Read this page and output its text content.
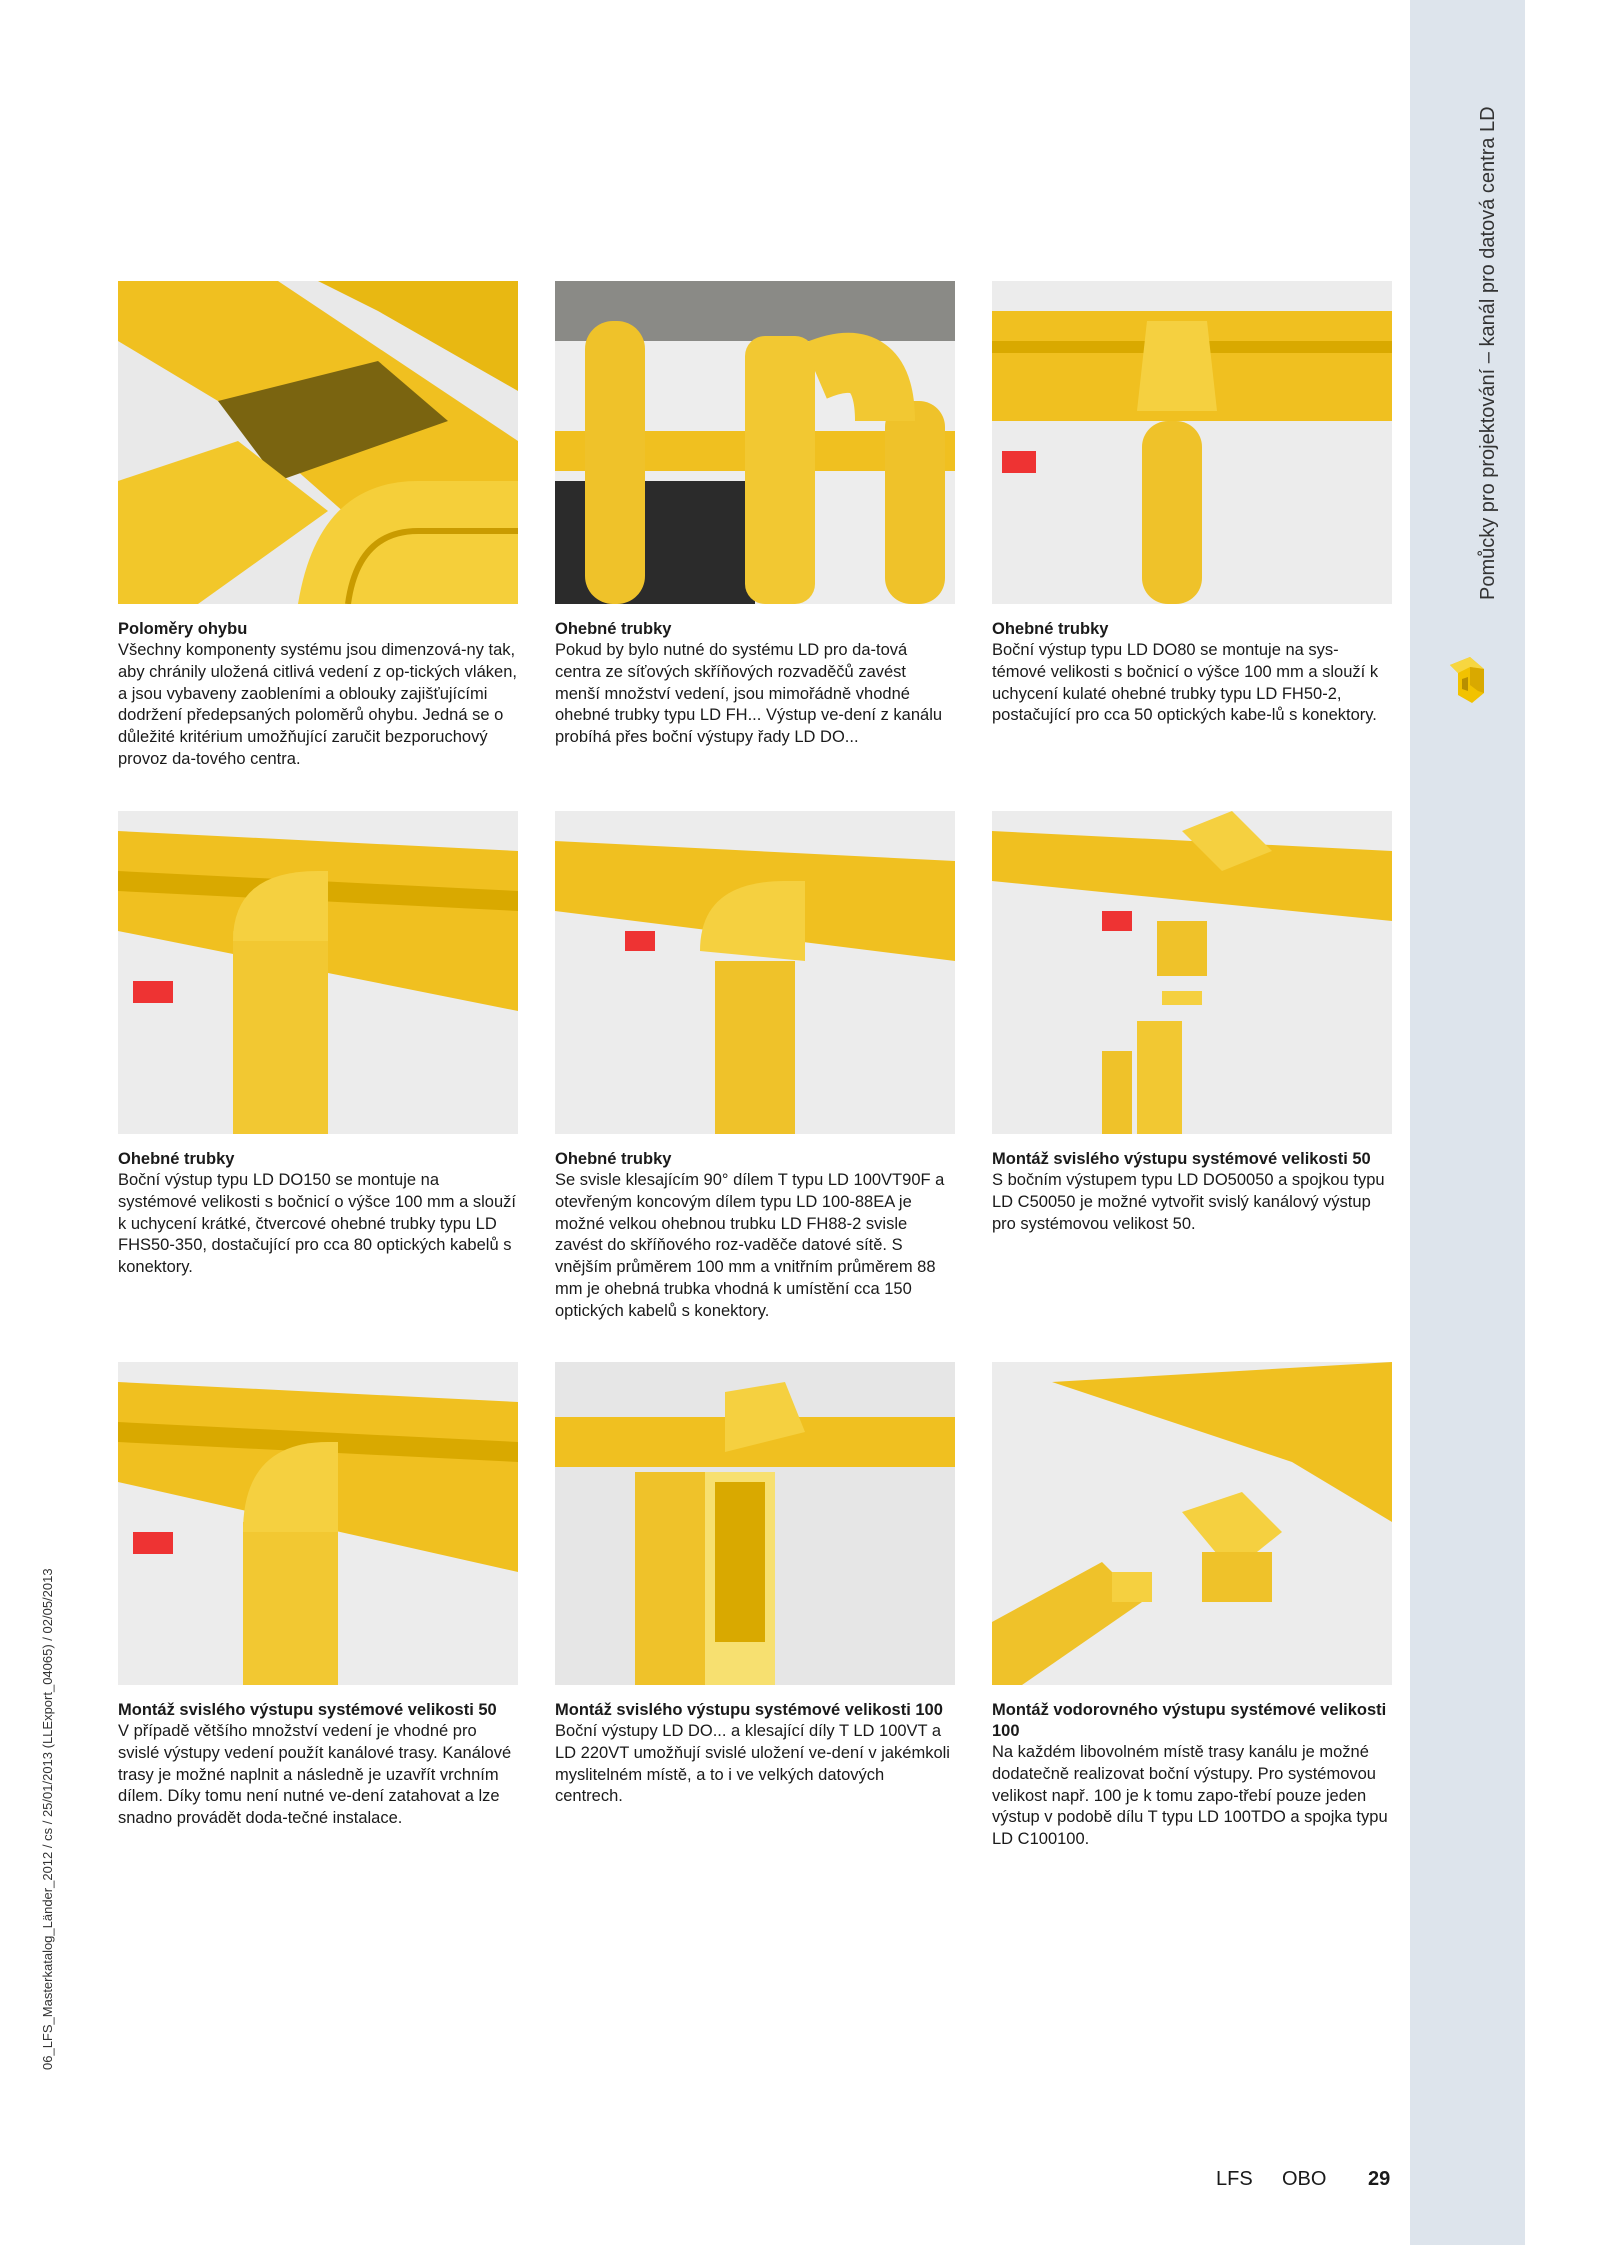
Pomůcky pro projektování – kanál pro datová centra LD
06_LFS_Masterkatalog_Länder_2012 / cs / 25/01/2013 (LLExport_04065) / 02/05/2013
Poloměry ohybu

Všechny komponenty systému jsou dimenzová-ny tak, aby chránily uložená citlivá vedení z op-tických vláken, a jsou vybaveny zaobleními a oblouky zajišťujícími dodržení předepsaných poloměrů ohybu. Jedná se o důležité kritérium umožňující zaručit bezporuchový provoz da-tového centra.

Ohebné trubky

Pokud by bylo nutné do systému LD pro da-tová centra ze síťových skříňových rozvaděčů zavést menší množství vedení, jsou mimořádně vhodné ohebné trubky typu LD FH... Výstup ve-dení z kanálu probíhá přes boční výstupy řady LD DO...

Ohebné trubky

Boční výstup typu LD DO80 se montuje na sys-témové velikosti s bočnicí o výšce 100 mm a slouží k uchycení kulaté ohebné trubky typu LD FH50-2, postačující pro cca 50 optických kabe-lů s konektory.

Ohebné trubky

Boční výstup typu LD DO150 se montuje na systémové velikosti s bočnicí o výšce 100 mm a slouží k uchycení krátké, čtvercové ohebné trubky typu LD FHS50-350, dostačující pro cca 80 optických kabelů s konektory.

Ohebné trubky

Se svisle klesajícím 90° dílem T typu LD 100VT90F a otevřeným koncovým dílem typu LD 100-88EA je možné velkou ohebnou trubku LD FH88-2 svisle zavést do skříňového roz-vaděče datové sítě. S vnějším průměrem 100 mm a vnitřním průměrem 88 mm je ohebná trubka vhodná k umístění cca 150 optických kabelů s konektory.

Montáž svislého výstupu systémové velikosti 50

S bočním výstupem typu LD DO50050 a spojkou typu LD C50050 je možné vytvořit svislý kanálový výstup pro systémovou velikost 50.

Montáž svislého výstupu systémové velikosti 50

V případě většího množství vedení je vhodné pro svislé výstupy vedení použít kanálové trasy. Kanálové trasy je možné naplnit a následně je uzavřít vrchním dílem. Díky tomu není nutné ve-dení zatahovat a lze snadno provádět doda-tečné instalace.

Montáž svislého výstupu systémové velikosti 100

Boční výstupy LD DO... a klesající díly T LD 100VT a LD 220VT umožňují svislé uložení ve-dení v jakémkoli myslitelném místě, a to i ve velkých datových centrech.

Montáž vodorovného výstupu systémové velikosti 100

Na každém libovolném místě trasy kanálu je možné dodatečně realizovat boční výstupy. Pro systémovou velikost např. 100 je k tomu zapo-třebí pouze jeden výstup v podobě dílu T typu LD 100TDO a spojka typu LD C100100.

LFS OBO 29
